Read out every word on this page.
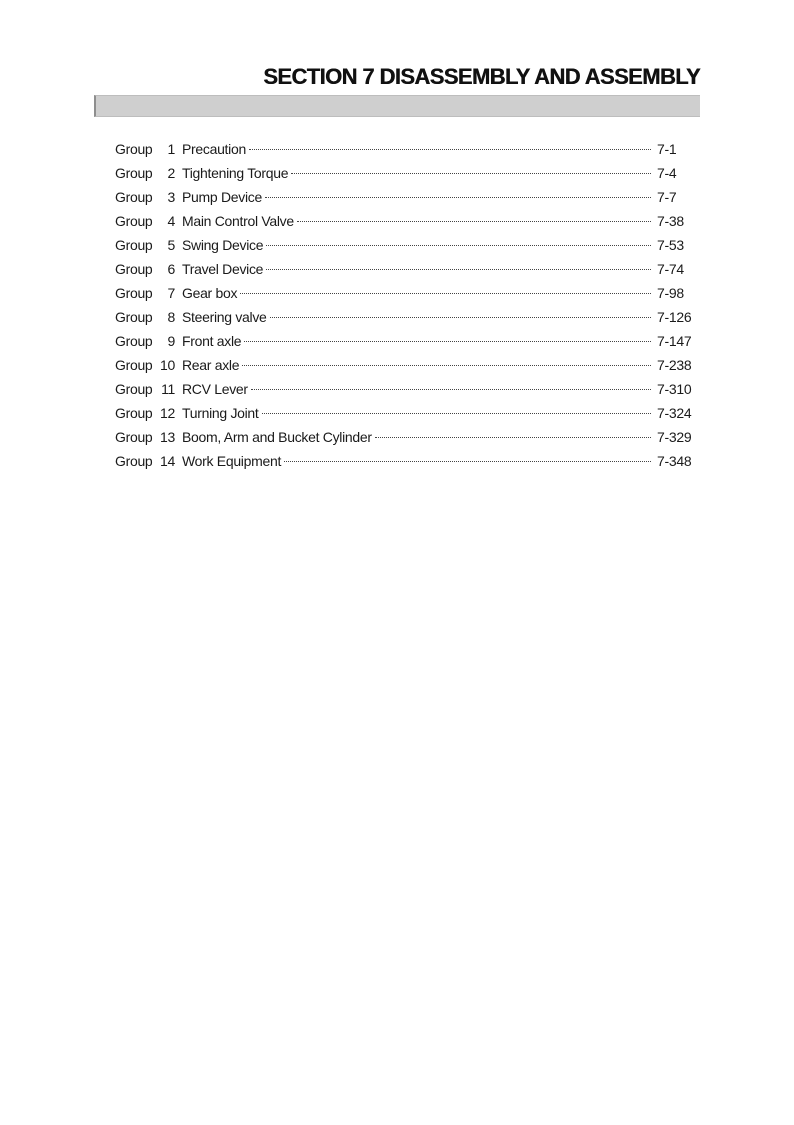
SECTION 7 DISASSEMBLY AND ASSEMBLY
Group	1 Precaution	7-1
Group	2 Tightening Torque	7-4
Group	3 Pump Device	7-7
Group	4 Main Control Valve	7-38
Group	5 Swing Device	7-53
Group	6 Travel Device	7-74
Group	7 Gear box	7-98
Group	8 Steering valve	7-126
Group	9 Front axle	7-147
Group 10 Rear axle	7-238
Group 11 RCV Lever	7-310
Group 12 Turning Joint	7-324
Group 13 Boom, Arm and Bucket Cylinder	7-329
Group 14 Work Equipment	7-348
